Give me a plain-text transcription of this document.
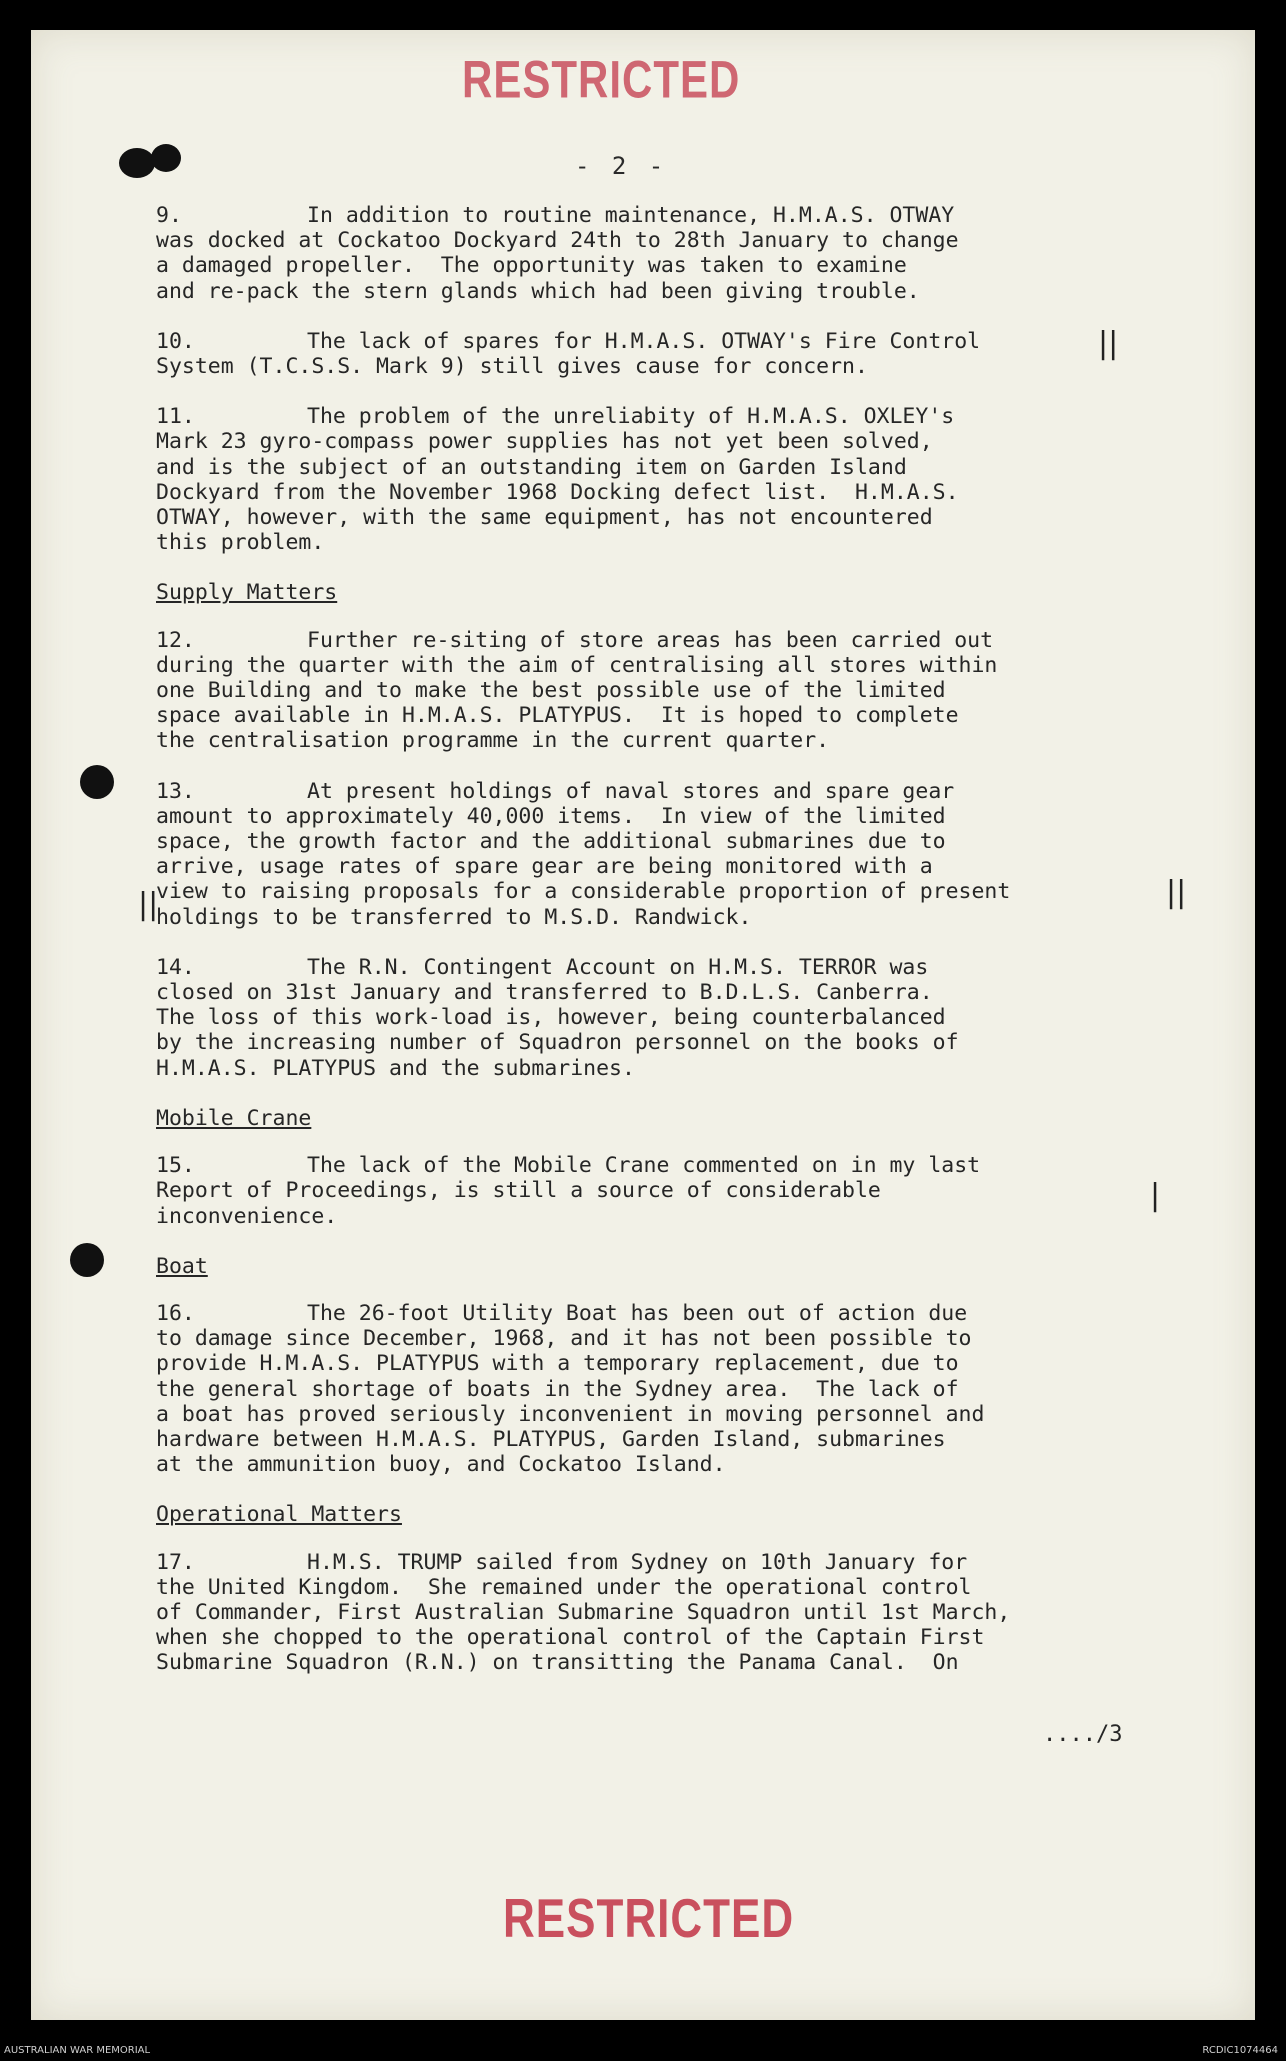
RESTRICTED
- 2 -
9.	In addition to routine maintenance, H.M.A.S. OTWAY
was docked at Cockatoo Dockyard 24th to 28th January to change
a damaged propeller.  The opportunity was taken to examine
and re-pack the stern glands which had been giving trouble.
10.	The lack of spares for H.M.A.S. OTWAY's Fire Control
System (T.C.S.S. Mark 9) still gives cause for concern.
11.	The problem of the unreliabity of H.M.A.S. OXLEY's
Mark 23 gyro-compass power supplies has not yet been solved,
and is the subject of an outstanding item on Garden Island
Dockyard from the November 1968 Docking defect list.  H.M.A.S.
OTWAY, however, with the same equipment, has not encountered
this problem.
Supply Matters
12.	Further re-siting of store areas has been carried out
during the quarter with the aim of centralising all stores within
one Building and to make the best possible use of the limited
space available in H.M.A.S. PLATYPUS.  It is hoped to complete
the centralisation programme in the current quarter.
13.	At present holdings of naval stores and spare gear
amount to approximately 40,000 items.  In view of the limited
space, the growth factor and the additional submarines due to
arrive, usage rates of spare gear are being monitored with a
view to raising proposals for a considerable proportion of present
holdings to be transferred to M.S.D. Randwick.
14.	The R.N. Contingent Account on H.M.S. TERROR was
closed on 31st January and transferred to B.D.L.S. Canberra.
The loss of this work-load is, however, being counterbalanced
by the increasing number of Squadron personnel on the books of
H.M.A.S. PLATYPUS and the submarines.
Mobile Crane
15.	The lack of the Mobile Crane commented on in my last
Report of Proceedings, is still a source of considerable
inconvenience.
Boat
16.	The 26-foot Utility Boat has been out of action due
to damage since December, 1968, and it has not been possible to
provide H.M.A.S. PLATYPUS with a temporary replacement, due to
the general shortage of boats in the Sydney area.  The lack of
a boat has proved seriously inconvenient in moving personnel and
hardware between H.M.A.S. PLATYPUS, Garden Island, submarines
at the ammunition buoy, and Cockatoo Island.
Operational Matters
17.	H.M.S. TRUMP sailed from Sydney on 10th January for
the United Kingdom.  She remained under the operational control
of Commander, First Australian Submarine Squadron until 1st March,
when she chopped to the operational control of the Captain First
Submarine Squadron (R.N.) on transitting the Panama Canal.  On
||
||	||
|
..../3
RESTRICTED
AUSTRALIAN WAR MEMORIAL	RCDIC1074464
